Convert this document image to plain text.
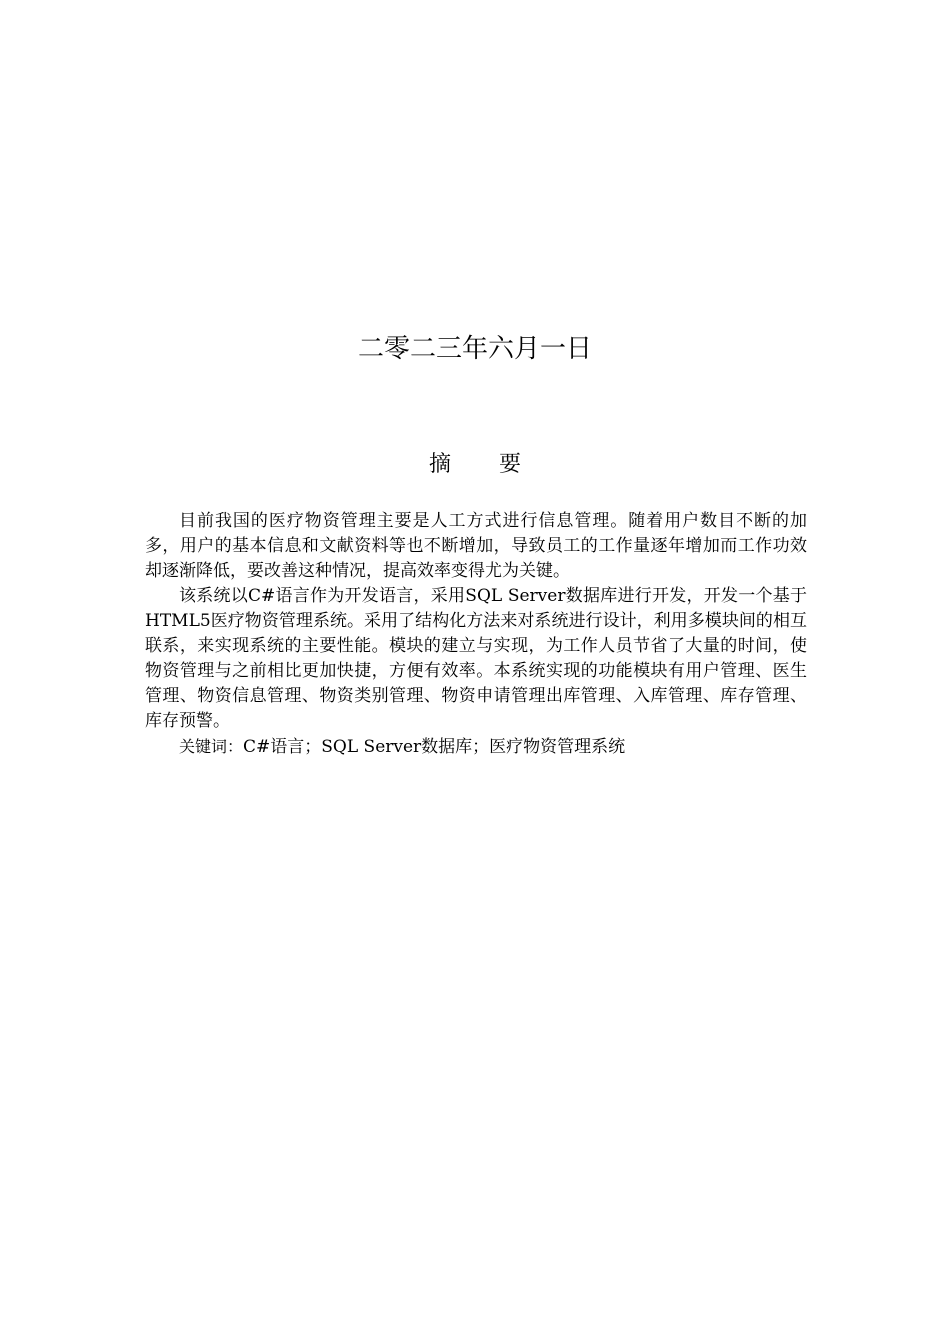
二零二三年六月一日
摘要

目前我国的医疗物资管理主要是人工方式进行信息管理。随着用户数目不断的加多，用户的基本信息和文献资料等也不断增加，导致员工的工作量逐年增加而工作功效却逐渐降低，要改善这种情况，提高效率变得尤为关键。

该系统以C#语言作为开发语言，采用SQL Server数据库进行开发，开发一个基于HTML5医疗物资管理系统。采用了结构化方法来对系统进行设计，利用多模块间的相互联系，来实现系统的主要性能。模块的建立与实现，为工作人员节省了大量的时间，使物资管理与之前相比更加快捷，方便有效率。本系统实现的功能模块有用户管理、医生管理、物资信息管理、物资类别管理、物资申请管理出库管理、入库管理、库存管理、库存预警。

关键词：C#语言；SQL Server数据库；医疗物资管理系统
